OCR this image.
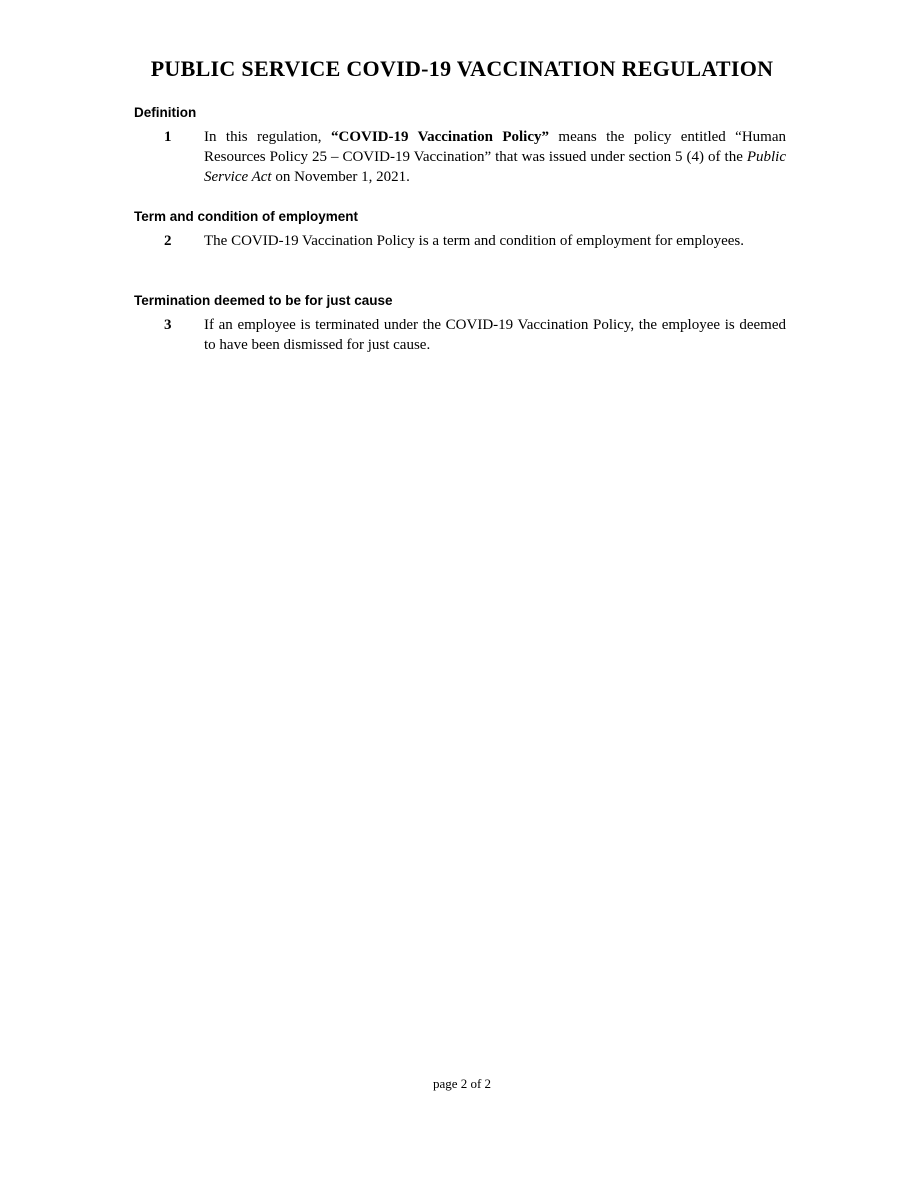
PUBLIC SERVICE COVID-19 VACCINATION REGULATION

Definition

1	In this regulation, “COVID-19 Vaccination Policy” means the policy entitled “Human Resources Policy 25 – COVID-19 Vaccination” that was issued under section 5 (4) of the Public Service Act on November 1, 2021.

Term and condition of employment

2	The COVID-19 Vaccination Policy is a term and condition of employment for employees.

Termination deemed to be for just cause

3	If an employee is terminated under the COVID-19 Vaccination Policy, the employee is deemed to have been dismissed for just cause.
page 2 of 2
